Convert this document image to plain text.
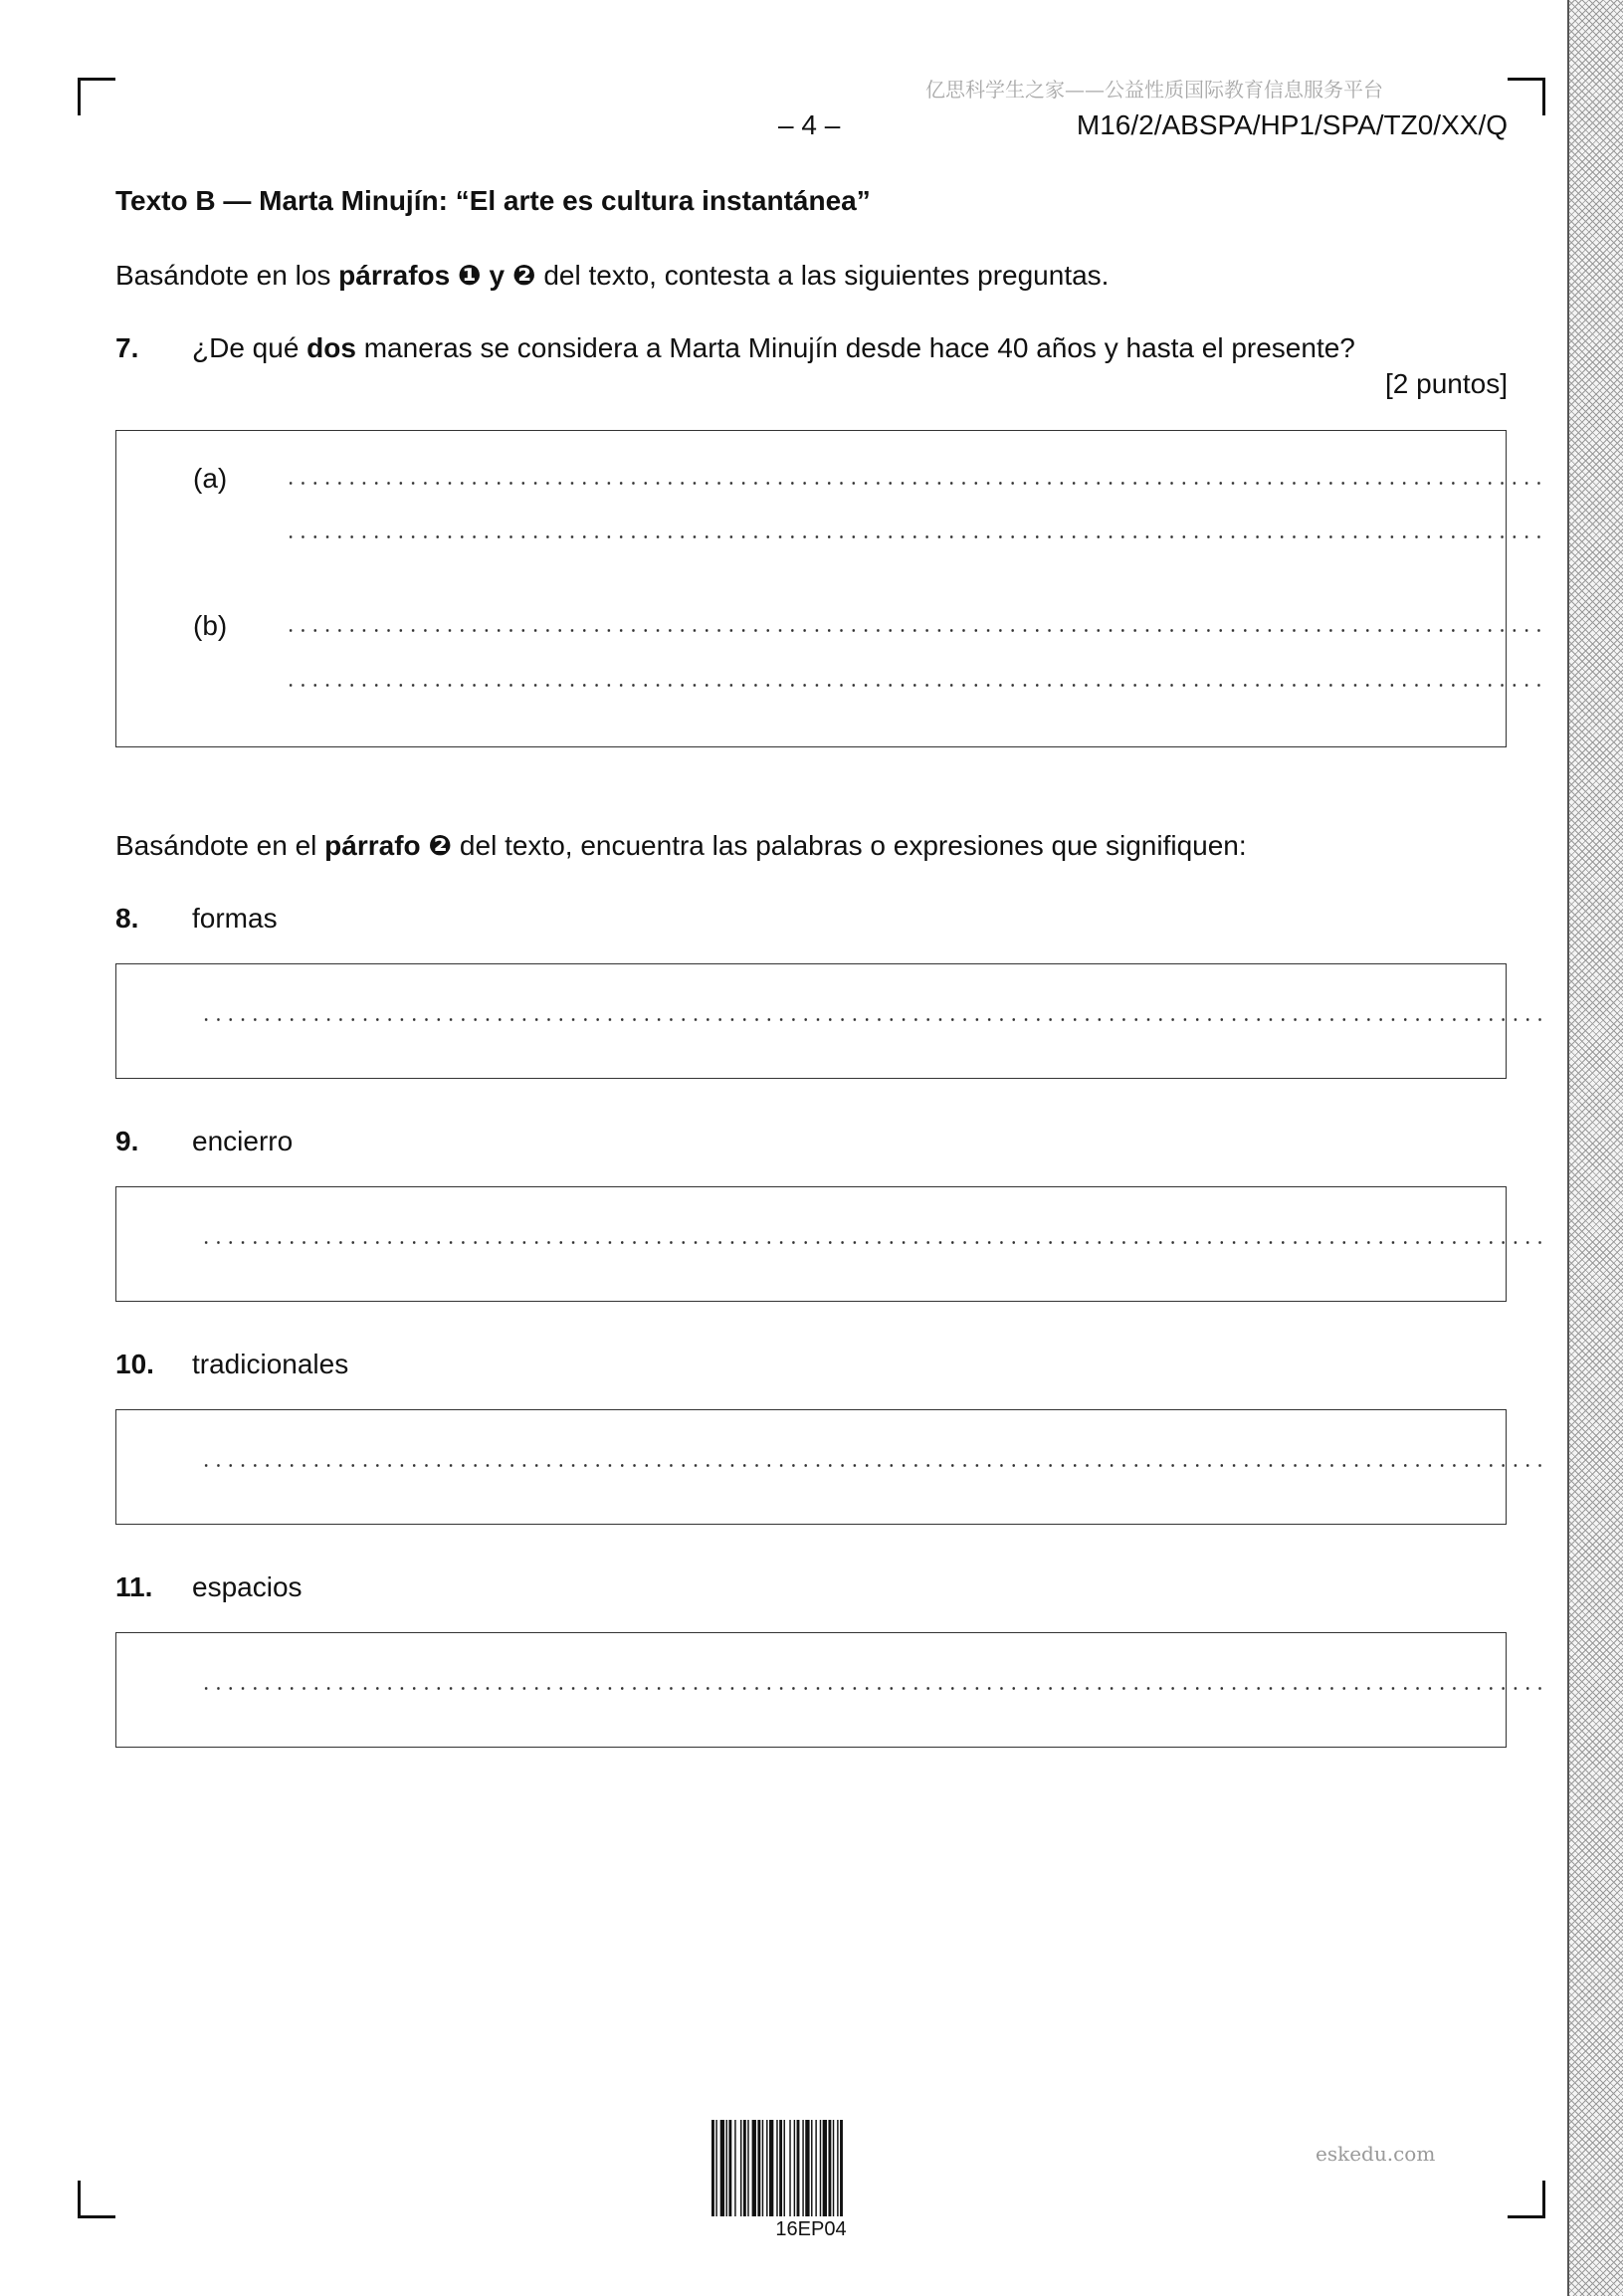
亿思科学生之家——公益性质国际教育信息服务平台
– 4 –	M16/2/ABSPA/HP1/SPA/TZ0/XX/Q
Texto B — Marta Minujín: “El arte es cultura instantánea”
Basándote en los párrafos ❶ y ❷ del texto, contesta a las siguientes preguntas.
7. ¿De qué dos maneras se considera a Marta Minujín desde hace 40 años y hasta el presente?
[2 puntos]
(a)
(b)
Basándote en el párrafo ❷ del texto, encuentra las palabras o expresiones que signifiquen:
8. formas
9. encierro
10. tradicionales
11. espacios
16EP04
eskedu.com
